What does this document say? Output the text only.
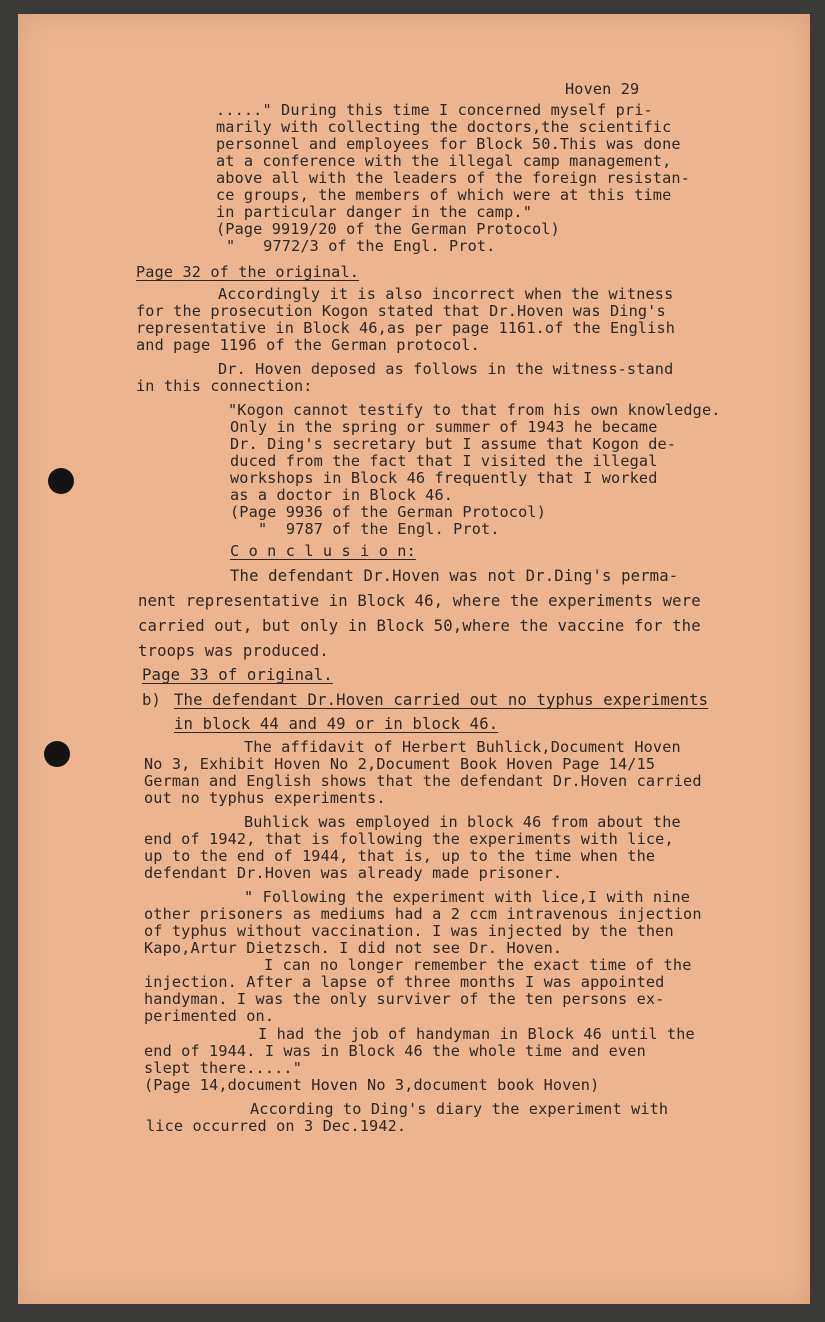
Hoven 29
....." During this time I concerned myself pri-
marily with collecting the doctors,the scientific
personnel and employees for Block 50.This was done
at a conference with the illegal camp management,
above all with the leaders of the foreign resistan-
ce groups, the members of which were at this time
in particular danger in the camp."
(Page 9919/20 of the German Protocol)
"   9772/3 of the Engl. Prot.
Page 32 of the original.
Accordingly it is also incorrect when the witness
for the prosecution Kogon stated that Dr.Hoven was Ding's
representative in Block 46,as per page 1161.of the English
and page 1196 of the German protocol.
Dr. Hoven deposed as follows in the witness-stand
in this connection:
"Kogon cannot testify to that from his own knowledge.
Only in the spring or summer of 1943 he became
Dr. Ding's secretary but I assume that Kogon de-
duced from the fact that I visited the illegal
workshops in Block 46 frequently that I worked
as a doctor in Block 46.
(Page 9936 of the German Protocol)
"  9787 of the Engl. Prot.
C o n c l u s i o n:
The defendant Dr.Hoven was not Dr.Ding's perma-
nent representative in Block 46, where the experiments were
carried out, but only in Block 50,where the vaccine for the
troops was produced.
Page 33 of original.
b) The defendant Dr.Hoven carried out no typhus experiments
in block 44 and 49 or in block 46.
The affidavit of Herbert Buhlick,Document Hoven
No 3, Exhibit Hoven No 2,Document Book Hoven Page 14/15
German and English shows that the defendant Dr.Hoven carried
out no typhus experiments.
Buhlick was employed in block 46 from about the
end of 1942, that is following the experiments with lice,
up to the end of 1944, that is, up to the time when the
defendant Dr.Hoven was already made prisoner.
" Following the experiment with lice,I with nine
other prisoners as mediums had a 2 ccm intravenous injection
of typhus without vaccination. I was injected by the then
Kapo,Artur Dietzsch. I did not see Dr. Hoven.
I can no longer remember the exact time of the
injection. After a lapse of three months I was appointed
handyman. I was the only surviver of the ten persons ex-
perimented on.
I had the job of handyman in Block 46 until the
end of 1944. I was in Block 46 the whole time and even
slept there....."
(Page 14,document Hoven No 3,document book Hoven)
According to Ding's diary the experiment with
lice occurred on 3 Dec.1942.
